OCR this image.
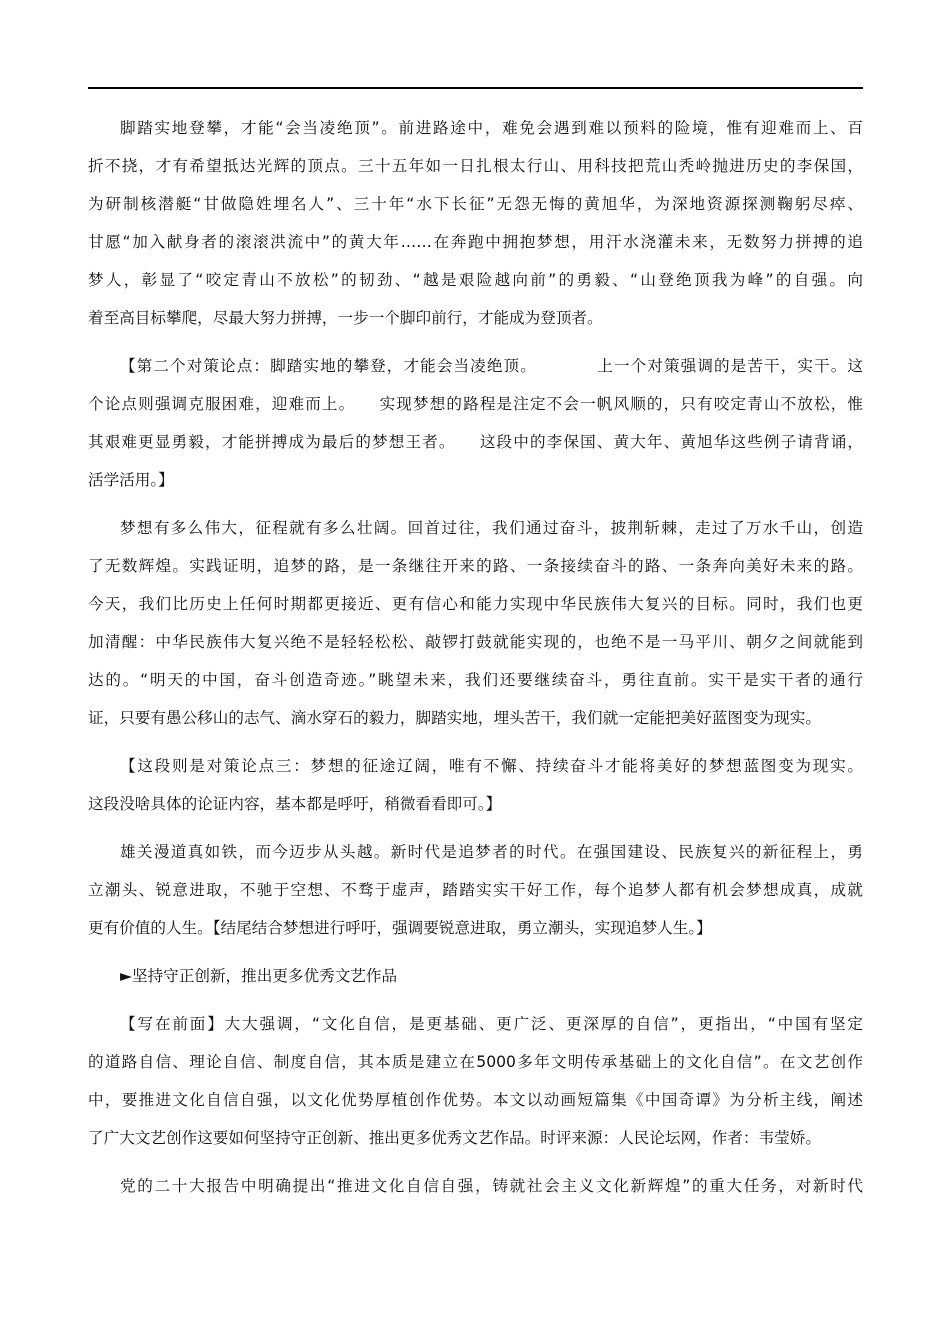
脚踏实地登攀，才能“会当凌绝顶”。前进路途中，难免会遇到难以预料的险境，惟有迎难而上、百
折不挠，才有希望抵达光辉的顶点。三十五年如一日扎根太行山、用科技把荒山秃岭抛进历史的李保国，
为研制核潜艇“甘做隐姓埋名人”、三十年“水下长征”无怨无悔的黄旭华，为深地资源探测鞠躬尽瘁、
甘愿“加入献身者的滚滚洪流中”的黄大年……在奔跑中拥抱梦想，用汗水浇灌未来，无数努力拼搏的追
梦人，彰显了“咬定青山不放松”的韧劲、“越是艰险越向前”的勇毅、“山登绝顶我为峰”的自强。向
着至高目标攀爬，尽最大努力拼搏，一步一个脚印前行，才能成为登顶者。
【第二个对策论点：脚踏实地的攀登，才能会当凌绝顶。          上一个对策强调的是苦干，实干。这
个论点则强调克服困难，迎难而上。    实现梦想的路程是注定不会一帆风顺的，只有咬定青山不放松，惟
其艰难更显勇毅，才能拼搏成为最后的梦想王者。    这段中的李保国、黄大年、黄旭华这些例子请背诵，
活学活用。】
梦想有多么伟大，征程就有多么壮阔。回首过往，我们通过奋斗，披荆斩棘，走过了万水千山，创造
了无数辉煌。实践证明，追梦的路，是一条继往开来的路、一条接续奋斗的路、一条奔向美好未来的路。
今天，我们比历史上任何时期都更接近、更有信心和能力实现中华民族伟大复兴的目标。同时，我们也更
加清醒：中华民族伟大复兴绝不是轻轻松松、敲锣打鼓就能实现的，也绝不是一马平川、朝夕之间就能到
达的。“明天的中国，奋斗创造奇迹。”眺望未来，我们还要继续奋斗，勇往直前。实干是实干者的通行
证，只要有愚公移山的志气、滴水穿石的毅力，脚踏实地，埋头苦干，我们就一定能把美好蓝图变为现实。
【这段则是对策论点三：梦想的征途辽阔，唯有不懈、持续奋斗才能将美好的梦想蓝图变为现实。
这段没啥具体的论证内容，基本都是呼吁，稍微看看即可。】
雄关漫道真如铁，而今迈步从头越。新时代是追梦者的时代。在强国建设、民族复兴的新征程上，勇
立潮头、锐意进取，不驰于空想、不骛于虚声，踏踏实实干好工作，每个追梦人都有机会梦想成真，成就
更有价值的人生。【结尾结合梦想进行呼吁，强调要锐意进取，勇立潮头，实现追梦人生。】
►坚持守正创新，推出更多优秀文艺作品
【写在前面】大大强调，“文化自信，是更基础、更广泛、更深厚的自信”，更指出，“中国有坚定
的道路自信、理论自信、制度自信，其本质是建立在5000多年文明传承基础上的文化自信”。在文艺创作
中，要推进文化自信自强，以文化优势厚植创作优势。本文以动画短篇集《中国奇谭》为分析主线，阐述
了广大文艺创作这要如何坚持守正创新、推出更多优秀文艺作品。时评来源：人民论坛网，作者：韦莹娇。
党的二十大报告中明确提出“推进文化自信自强，铸就社会主义文化新辉煌”的重大任务，对新时代
